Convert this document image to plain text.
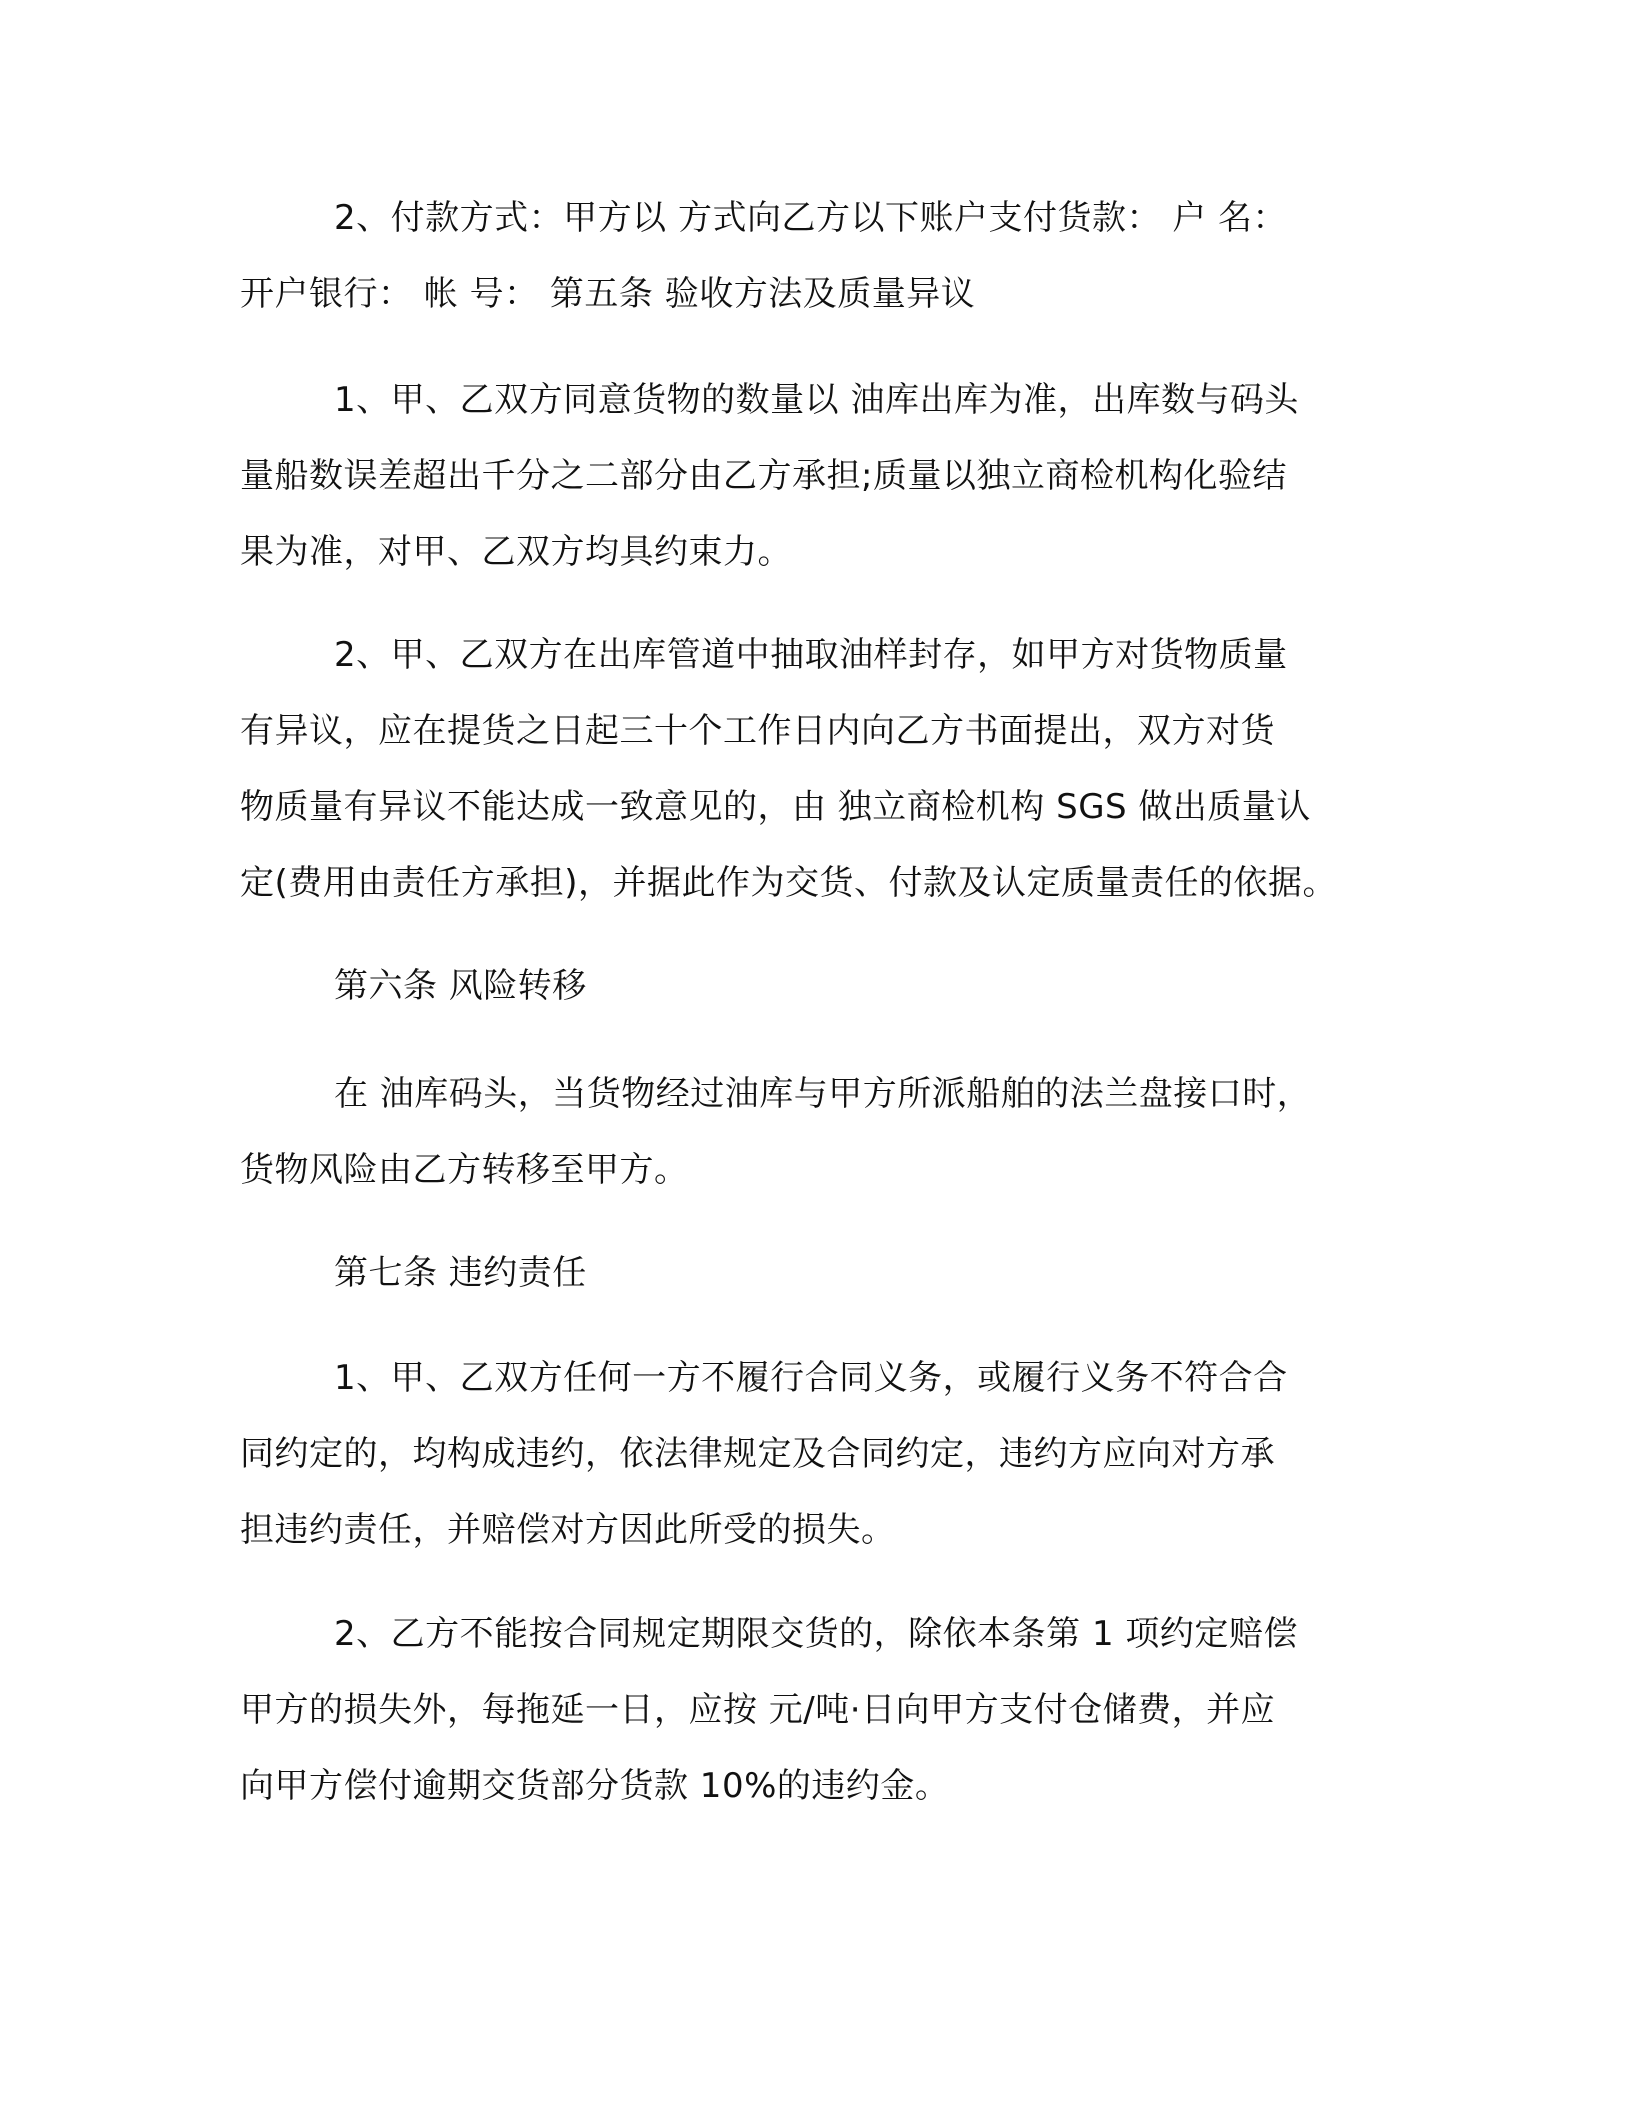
2、付款方式：甲方以 方式向乙方以下账户支付货款： 户 名：
开户银行： 帐 号： 第五条 验收方法及质量异议
1、甲、乙双方同意货物的数量以 油库出库为准，出库数与码头
量船数误差超出千分之二部分由乙方承担;质量以独立商检机构化验结
果为准，对甲、乙双方均具约束力。
2、甲、乙双方在出库管道中抽取油样封存，如甲方对货物质量
有异议，应在提货之日起三十个工作日内向乙方书面提出，双方对货
物质量有异议不能达成一致意见的，由 独立商检机构 SGS 做出质量认
定(费用由责任方承担)，并据此作为交货、付款及认定质量责任的依据。
第六条 风险转移
在 油库码头，当货物经过油库与甲方所派船舶的法兰盘接口时，
货物风险由乙方转移至甲方。
第七条 违约责任
1、甲、乙双方任何一方不履行合同义务，或履行义务不符合合
同约定的，均构成违约，依法律规定及合同约定，违约方应向对方承
担违约责任，并赔偿对方因此所受的损失。
2、乙方不能按合同规定期限交货的，除依本条第 1 项约定赔偿
甲方的损失外，每拖延一日，应按 元/吨·日向甲方支付仓储费，并应
向甲方偿付逾期交货部分货款 10%的违约金。
